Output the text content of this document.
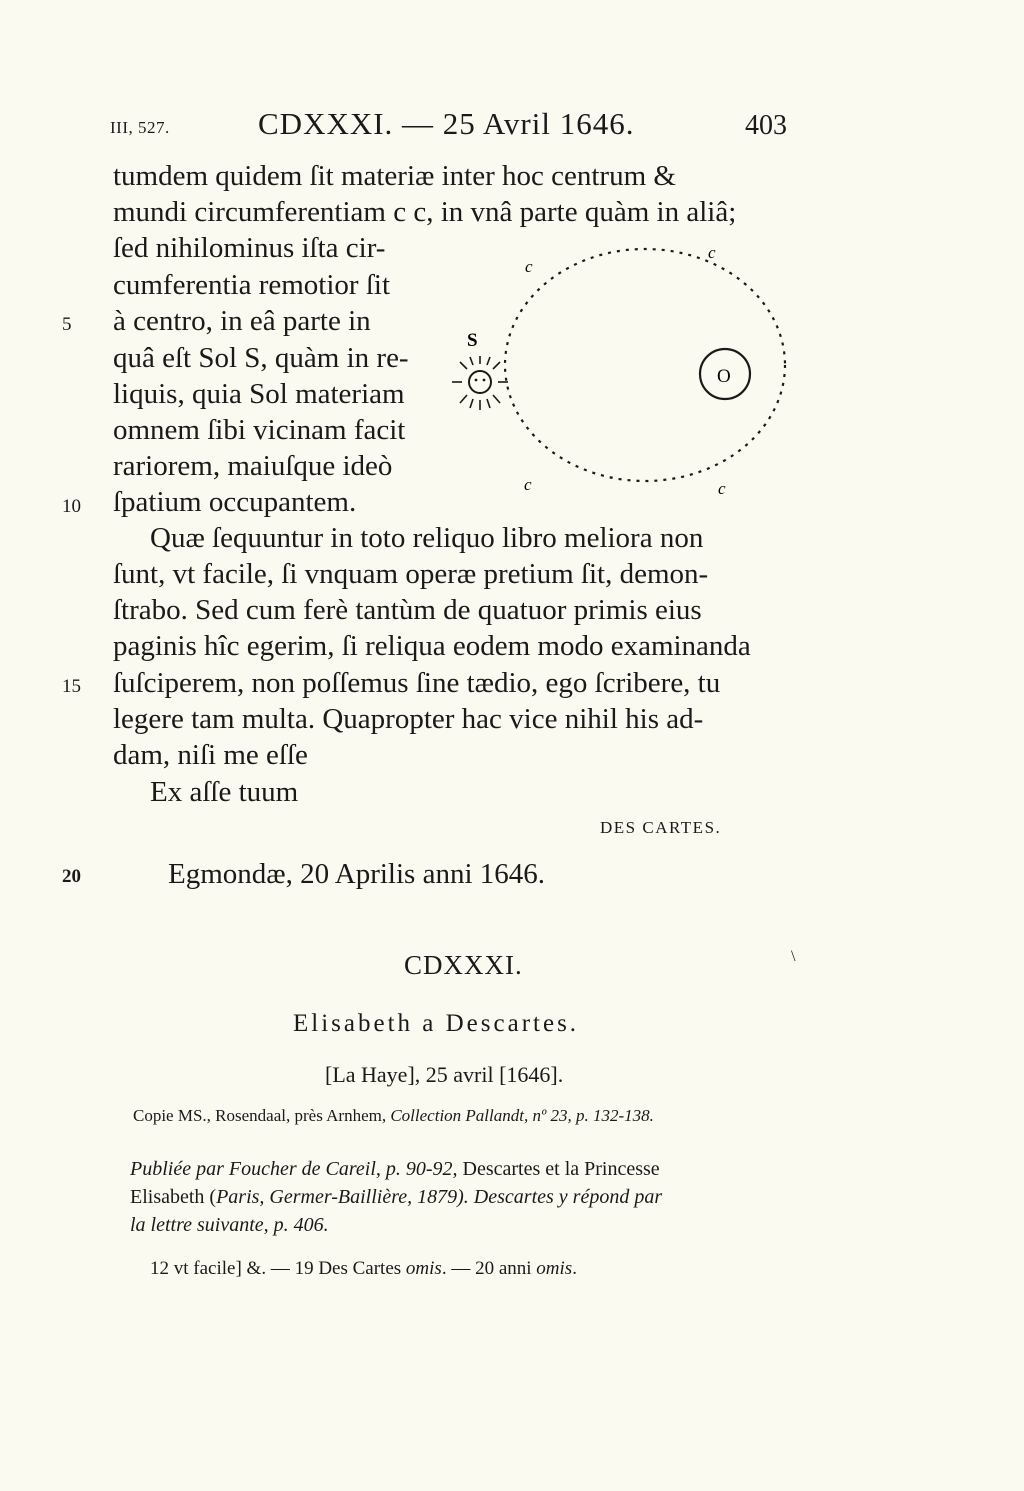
III, 527.	CDXXXI. — 25 Avril 1646.	403
tumdem quidem ſit materiæ inter hoc centrum &
mundi circumferentiam c c, in vnâ parte quàm in aliâ;
ſed nihilominus iſta cir-
cumferentia remotior ſit
à centro, in eâ parte in
quâ eſt Sol S, quàm in re-
liquis, quia Sol materiam
omnem ſibi vicinam facit
rariorem, maiuſque ideò
ſpatium occupantem.
Quæ ſequuntur in toto reliquo libro meliora non
ſunt, vt facile, ſi vnquam operæ pretium ſit, demon-
ſtrabo. Sed cum ferè tantùm de quatuor primis eius
paginis hîc egerim, ſi reliqua eodem modo examinanda
ſuſciperem, non poſſemus ſine tædio, ego ſcribere, tu
legere tam multa. Quapropter hac vice nihil his ad-
dam, niſi me eſſe
Ex aſſe tuum
5
10
15
20
c
c
c	c
S
O
DES CARTES.
Egmondæ, 20 Aprilis anni 1646.
CDXXXI.	\
Elisabeth a Descartes.
[La Haye], 25 avril [1646].
Copie MS., Rosendaal, près Arnhem, Collection Pallandt, nº 23, p. 132-138.
Publiée par Foucher de Careil, p. 90-92, Descartes et la Princesse
Elisabeth (Paris, Germer-Baillière, 1879). Descartes y répond par
la lettre suivante, p. 406.
12 vt facile] &. — 19 Des Cartes omis. — 20 anni omis.
